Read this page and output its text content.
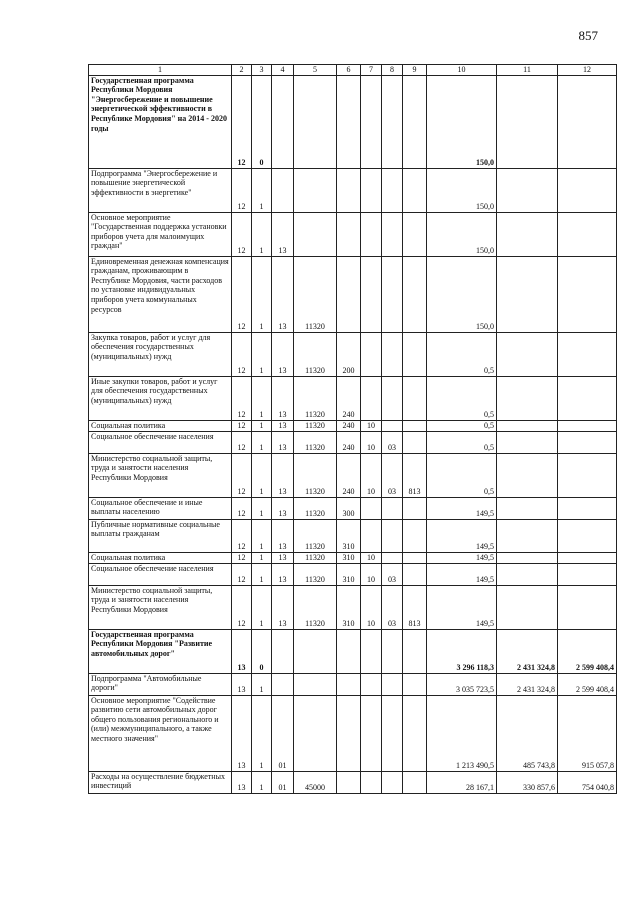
857
1	2	3	4	5	6	7	8	9	10	11	12
Государственная программа Республики Мордовия "Энергосбережение и повышение энергетической эффективности в Республике Мордовия" на 2014 - 2020 годы	12	0							150,0		
Подпрограмма "Энергосбережение и повышение энергетической эффективности в энергетике"	12	1							150,0		
Основное мероприятие "Государственная поддержка установки приборов учета для малоимущих граждан"	12	1	13						150,0		
Единовременная денежная компенсация гражданам, проживающим в Республике Мордовия, части расходов по установке индивидуальных приборов учета коммунальных ресурсов	12	1	13	11320					150,0		
Закупка товаров, работ и услуг для обеспечения государственных (муниципальных) нужд	12	1	13	11320	200				0,5		
Иные закупки товаров, работ и услуг для обеспечения государственных (муниципальных) нужд	12	1	13	11320	240				0,5		
Социальная политика	12	1	13	11320	240	10			0,5		
Социальное обеспечение населения	12	1	13	11320	240	10	03		0,5		
Министерство социальной защиты, труда и занятости населения Республики Мордовия	12	1	13	11320	240	10	03	813	0,5		
Социальное обеспечение и иные выплаты населению	12	1	13	11320	300				149,5		
Публичные нормативные социальные выплаты гражданам	12	1	13	11320	310				149,5		
Социальная политика	12	1	13	11320	310	10			149,5		
Социальное обеспечение населения	12	1	13	11320	310	10	03		149,5		
Министерство социальной защиты, труда и занятости населения Республики Мордовия	12	1	13	11320	310	10	03	813	149,5		
Государственная программа Республики Мордовия "Развитие автомобильных дорог"	13	0							3 296 118,3	2 431 324,8	2 599 408,4
Подпрограмма "Автомобильные дороги"	13	1							3 035 723,5	2 431 324,8	2 599 408,4
Основное мероприятие "Содействие развитию сети автомобильных дорог общего пользования регионального и (или) межмуниципального, а также местного значения"	13	1	01						1 213 490,5	485 743,8	915 057,8
Расходы на осуществление бюджетных инвестиций	13	1	01	45000					28 167,1	330 857,6	754 040,8
